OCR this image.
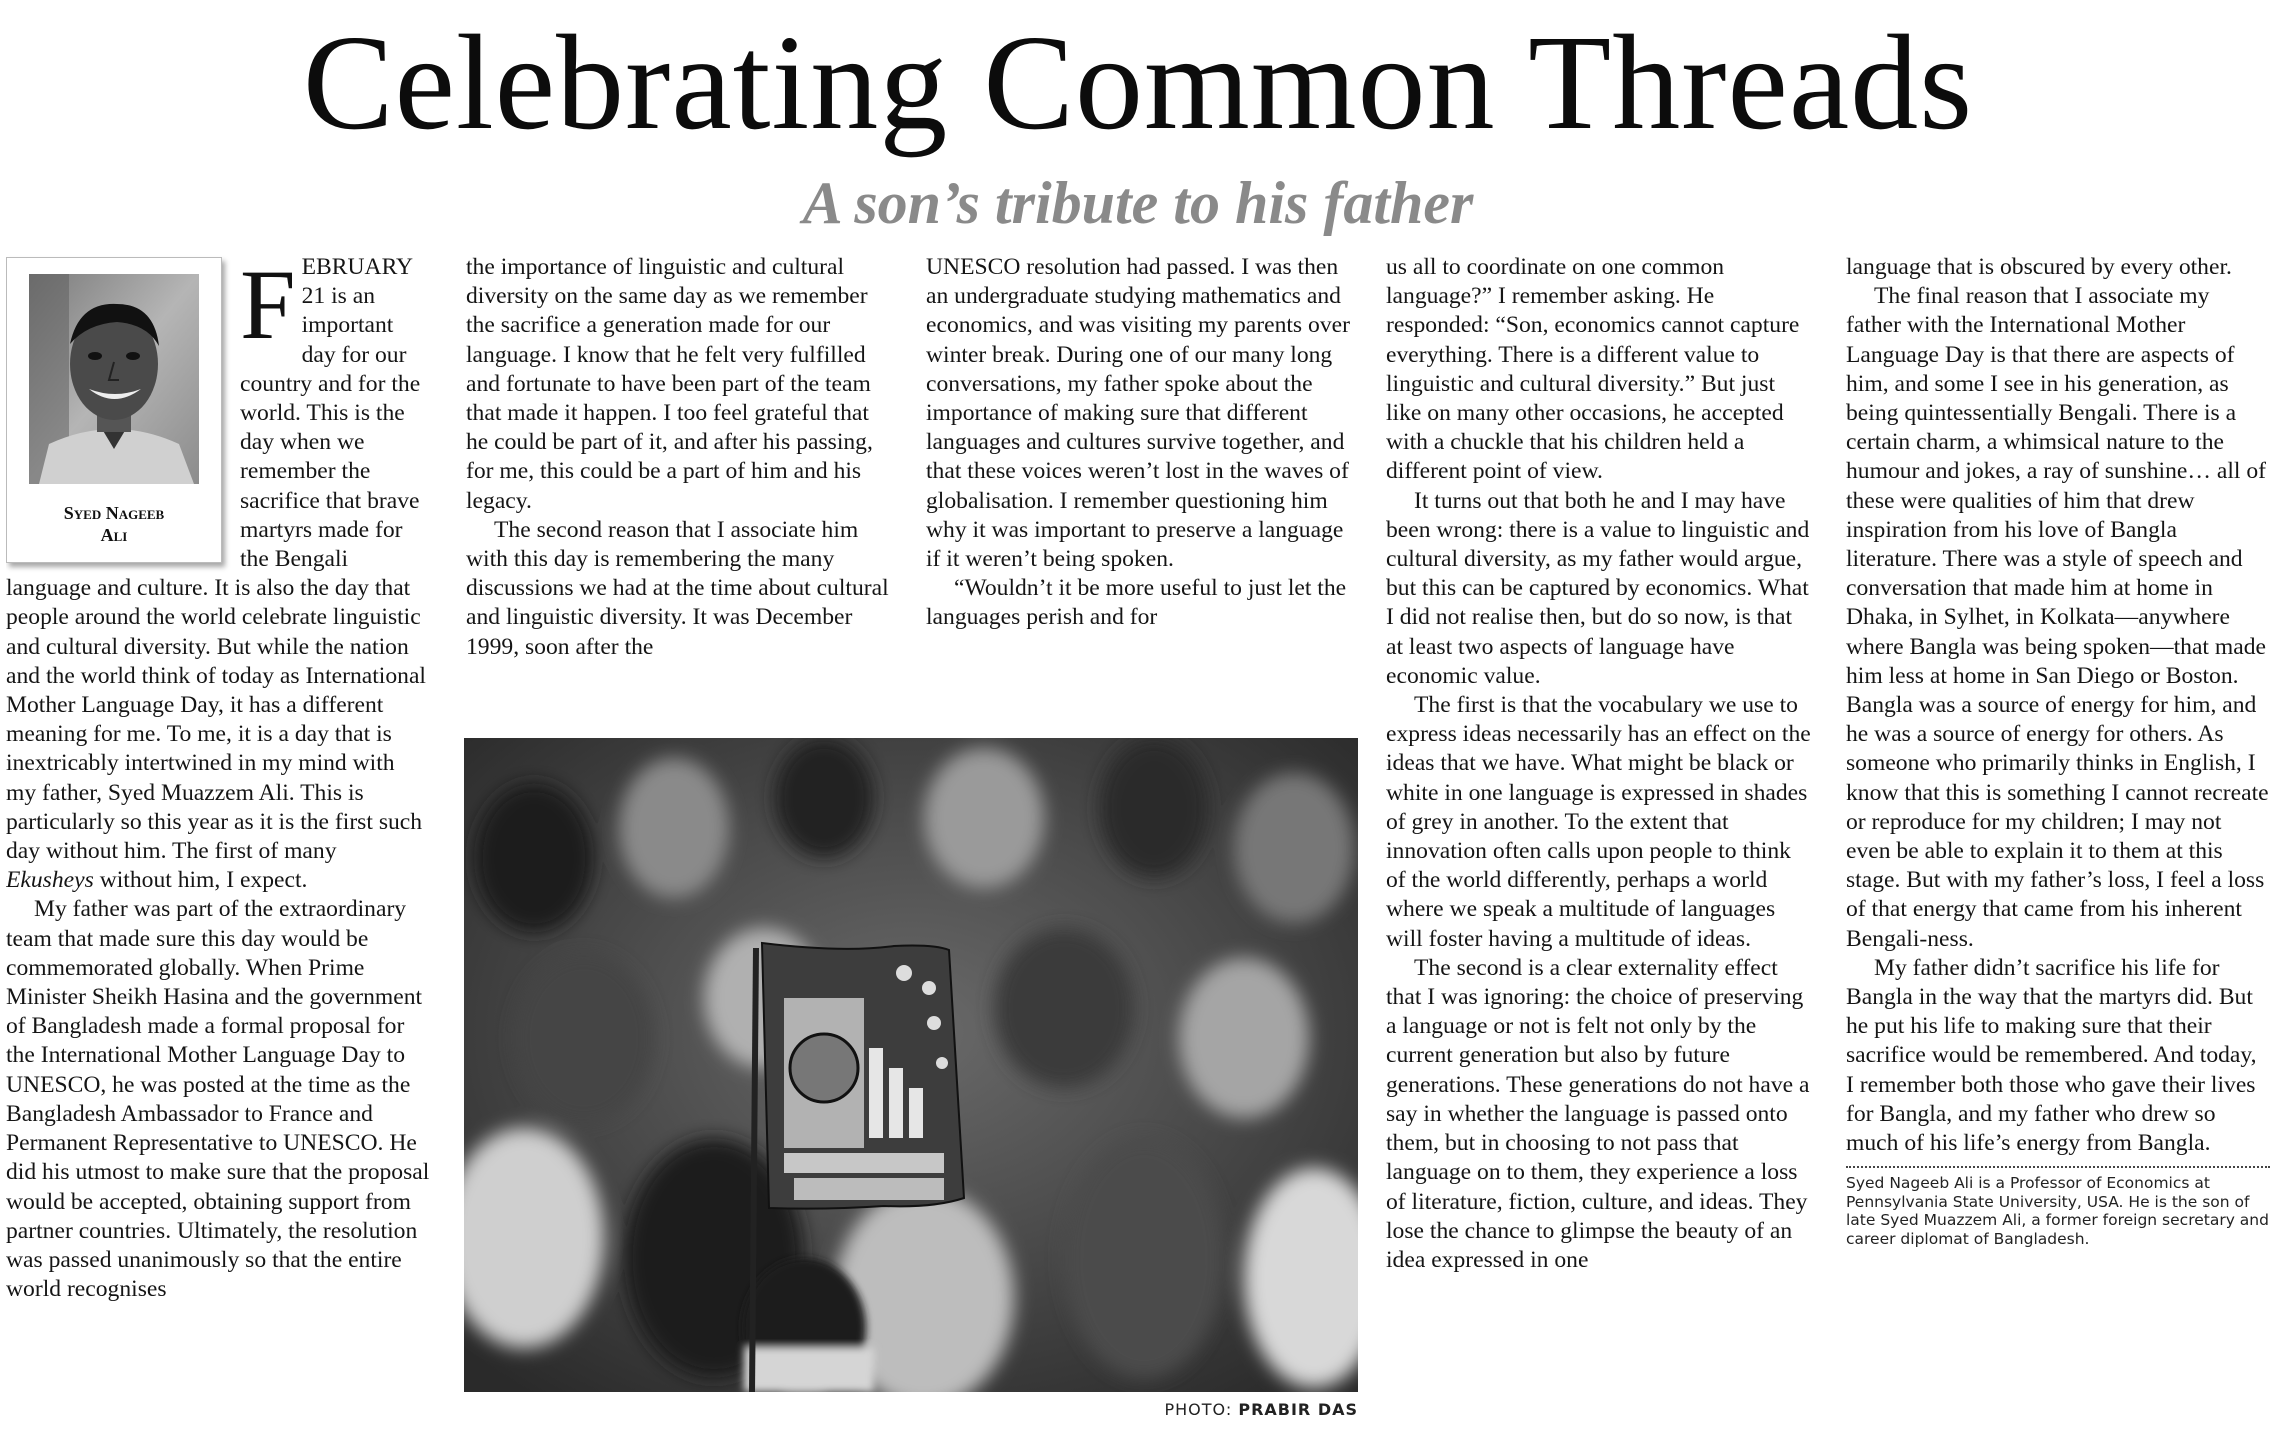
Celebrating Common Threads
A son’s tribute to his father
Syed Nageeb
Ali

FEBRUARY 21 is an important day for our country and for the world. This is the day when we remember the sacrifice that brave martyrs made for the Bengali language and culture. It is also the day that people around the world celebrate linguistic and cultural diversity. But while the nation and the world think of today as International Mother Language Day, it has a different meaning for me. To me, it is a day that is inextricably intertwined in my mind with my father, Syed Muazzem Ali. This is particularly so this year as it is the first such day without him. The first of many Ekusheys without him, I expect.

My father was part of the extraordinary team that made sure this day would be commemorated globally. When Prime Minister Sheikh Hasina and the government of Bangladesh made a formal proposal for the International Mother Language Day to UNESCO, he was posted at the time as the Bangladesh Ambassador to France and Permanent Representative to UNESCO. He did his utmost to make sure that the proposal would be accepted, obtaining support from partner countries. Ultimately, the resolution was passed unanimously so that the entire world recognises

the importance of linguistic and cultural diversity on the same day as we remember the sacrifice a generation made for our language. I know that he felt very fulfilled and fortunate to have been part of the team that made it happen. I too feel grateful that he could be part of it, and after his passing, for me, this could be a part of him and his legacy.

The second reason that I associate him with this day is remembering the many discussions we had at the time about cultural and linguistic diversity. It was December 1999, soon after the

UNESCO resolution had passed. I was then an undergraduate studying mathematics and economics, and was visiting my parents over winter break. During one of our many long conversations, my father spoke about the importance of making sure that different languages and cultures survive together, and that these voices weren’t lost in the waves of globalisation. I remember questioning him why it was important to preserve a language if it weren’t being spoken.

“Wouldn’t it be more useful to just let the languages perish and for

us all to coordinate on one common language?” I remember asking. He responded: “Son, economics cannot capture everything. There is a different value to linguistic and cultural diversity.” But just like on many other occasions, he accepted with a chuckle that his children held a different point of view.

It turns out that both he and I may have been wrong: there is a value to linguistic and cultural diversity, as my father would argue, but this can be captured by economics. What I did not realise then, but do so now, is that at least two aspects of language have economic value.

The first is that the vocabulary we use to express ideas necessarily has an effect on the ideas that we have. What might be black or white in one language is expressed in shades of grey in another. To the extent that innovation often calls upon people to think of the world differently, perhaps a world where we speak a multitude of languages will foster having a multitude of ideas.

The second is a clear externality effect that I was ignoring: the choice of preserving a language or not is felt not only by the current generation but also by future generations. These generations do not have a say in whether the language is passed onto them, but in choosing to not pass that language on to them, they experience a loss of literature, fiction, culture, and ideas. They lose the chance to glimpse the beauty of an idea expressed in one

language that is obscured by every other.

The final reason that I associate my father with the International Mother Language Day is that there are aspects of him, and some I see in his generation, as being quintessentially Bengali. There is a certain charm, a whimsical nature to the humour and jokes, a ray of sunshine… all of these were qualities of him that drew inspiration from his love of Bangla literature. There was a style of speech and conversation that made him at home in Dhaka, in Sylhet, in Kolkata—anywhere where Bangla was being spoken—that made him less at home in San Diego or Boston. Bangla was a source of energy for him, and he was a source of energy for others. As someone who primarily thinks in English, I know that this is something I cannot recreate or reproduce for my children; I may not even be able to explain it to them at this stage. But with my father’s loss, I feel a loss of that energy that came from his inherent Bengali-ness.

My father didn’t sacrifice his life for Bangla in the way that the martyrs did. But he put his life to making sure that their sacrifice would be remembered. And today, I remember both those who gave their lives for Bangla, and my father who drew so much of his life’s energy from Bangla.

Syed Nageeb Ali is a Professor of Economics at Pennsylvania State University, USA. He is the son of late Syed Muazzem Ali, a former foreign secretary and career diplomat of Bangladesh.

PHOTO: PRABIR DAS
